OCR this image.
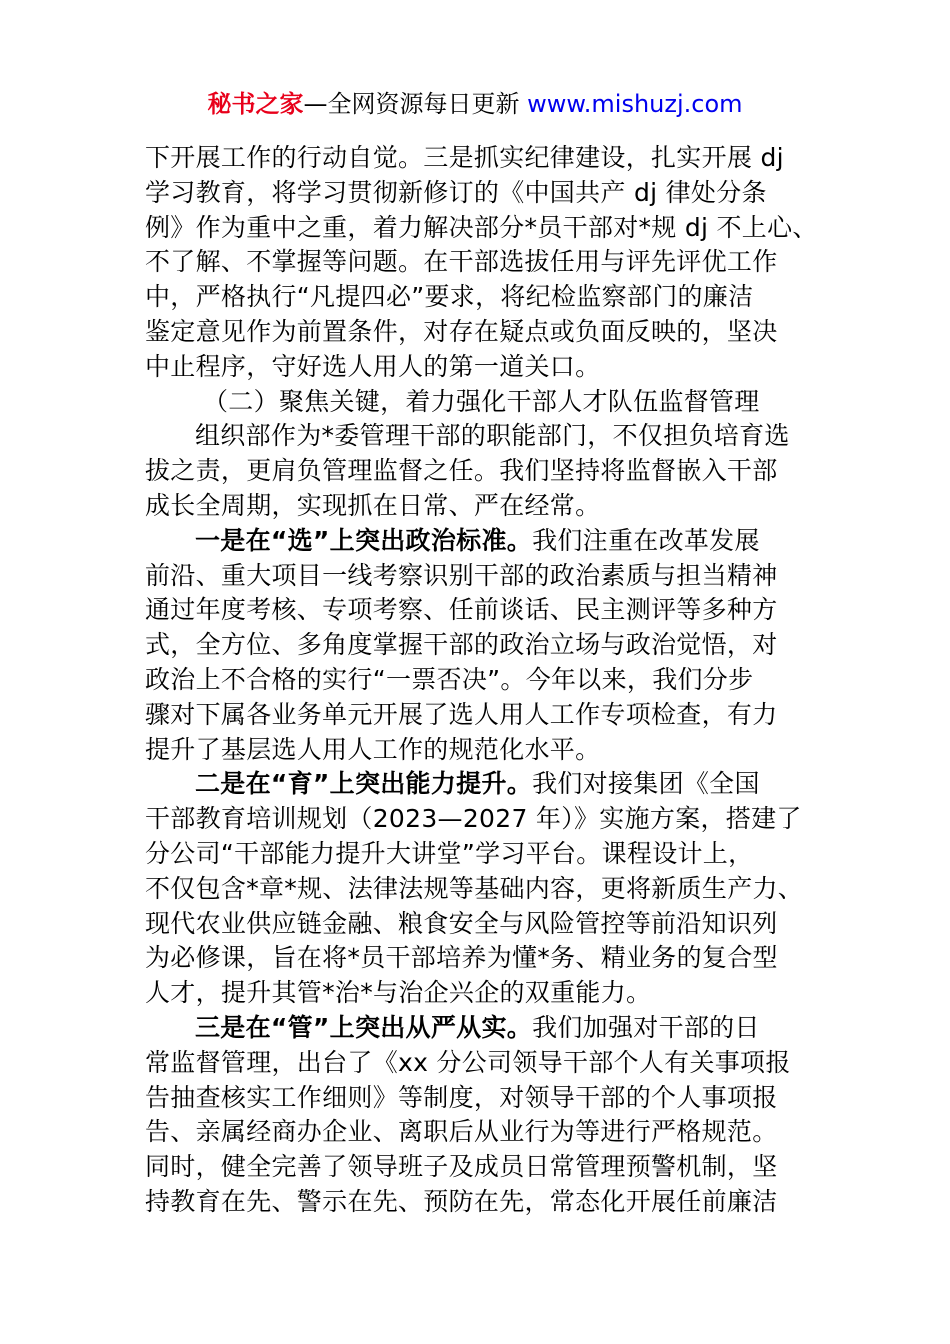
秘书之家—全网资源每日更新 www.mishuzj.com
下开展工作的行动自觉。三是抓实纪律建设，扎实开展 dj
学习教育，将学习贯彻新修订的《中国共产 dj 律处分条
例》作为重中之重，着力解决部分*员干部对*规 dj 不上心、
不了解、不掌握等问题。在干部选拔任用与评先评优工作
中，严格执行“凡提四必”要求，将纪检监察部门的廉洁
鉴定意见作为前置条件，对存在疑点或负面反映的，坚决
中止程序，守好选人用人的第一道关口。
（二）聚焦关键，着力强化干部人才队伍监督管理
组织部作为*委管理干部的职能部门，不仅担负培育选
拔之责，更肩负管理监督之任。我们坚持将监督嵌入干部
成长全周期，实现抓在日常、严在经常。
一是在“选”上突出政治标准。我们注重在改革发展
前沿、重大项目一线考察识别干部的政治素质与担当精神
通过年度考核、专项考察、任前谈话、民主测评等多种方
式，全方位、多角度掌握干部的政治立场与政治觉悟，对
政治上不合格的实行“一票否决”。今年以来，我们分步
骤对下属各业务单元开展了选人用人工作专项检查，有力
提升了基层选人用人工作的规范化水平。
二是在“育”上突出能力提升。我们对接集团《全国
干部教育培训规划（2023—2027 年）》实施方案，搭建了
分公司“干部能力提升大讲堂”学习平台。课程设计上，
不仅包含*章*规、法律法规等基础内容，更将新质生产力、
现代农业供应链金融、粮食安全与风险管控等前沿知识列
为必修课，旨在将*员干部培养为懂*务、精业务的复合型
人才，提升其管*治*与治企兴企的双重能力。
三是在“管”上突出从严从实。我们加强对干部的日
常监督管理，出台了《xx 分公司领导干部个人有关事项报
告抽查核实工作细则》等制度，对领导干部的个人事项报
告、亲属经商办企业、离职后从业行为等进行严格规范。
同时，健全完善了领导班子及成员日常管理预警机制，坚
持教育在先、警示在先、预防在先，常态化开展任前廉洁
